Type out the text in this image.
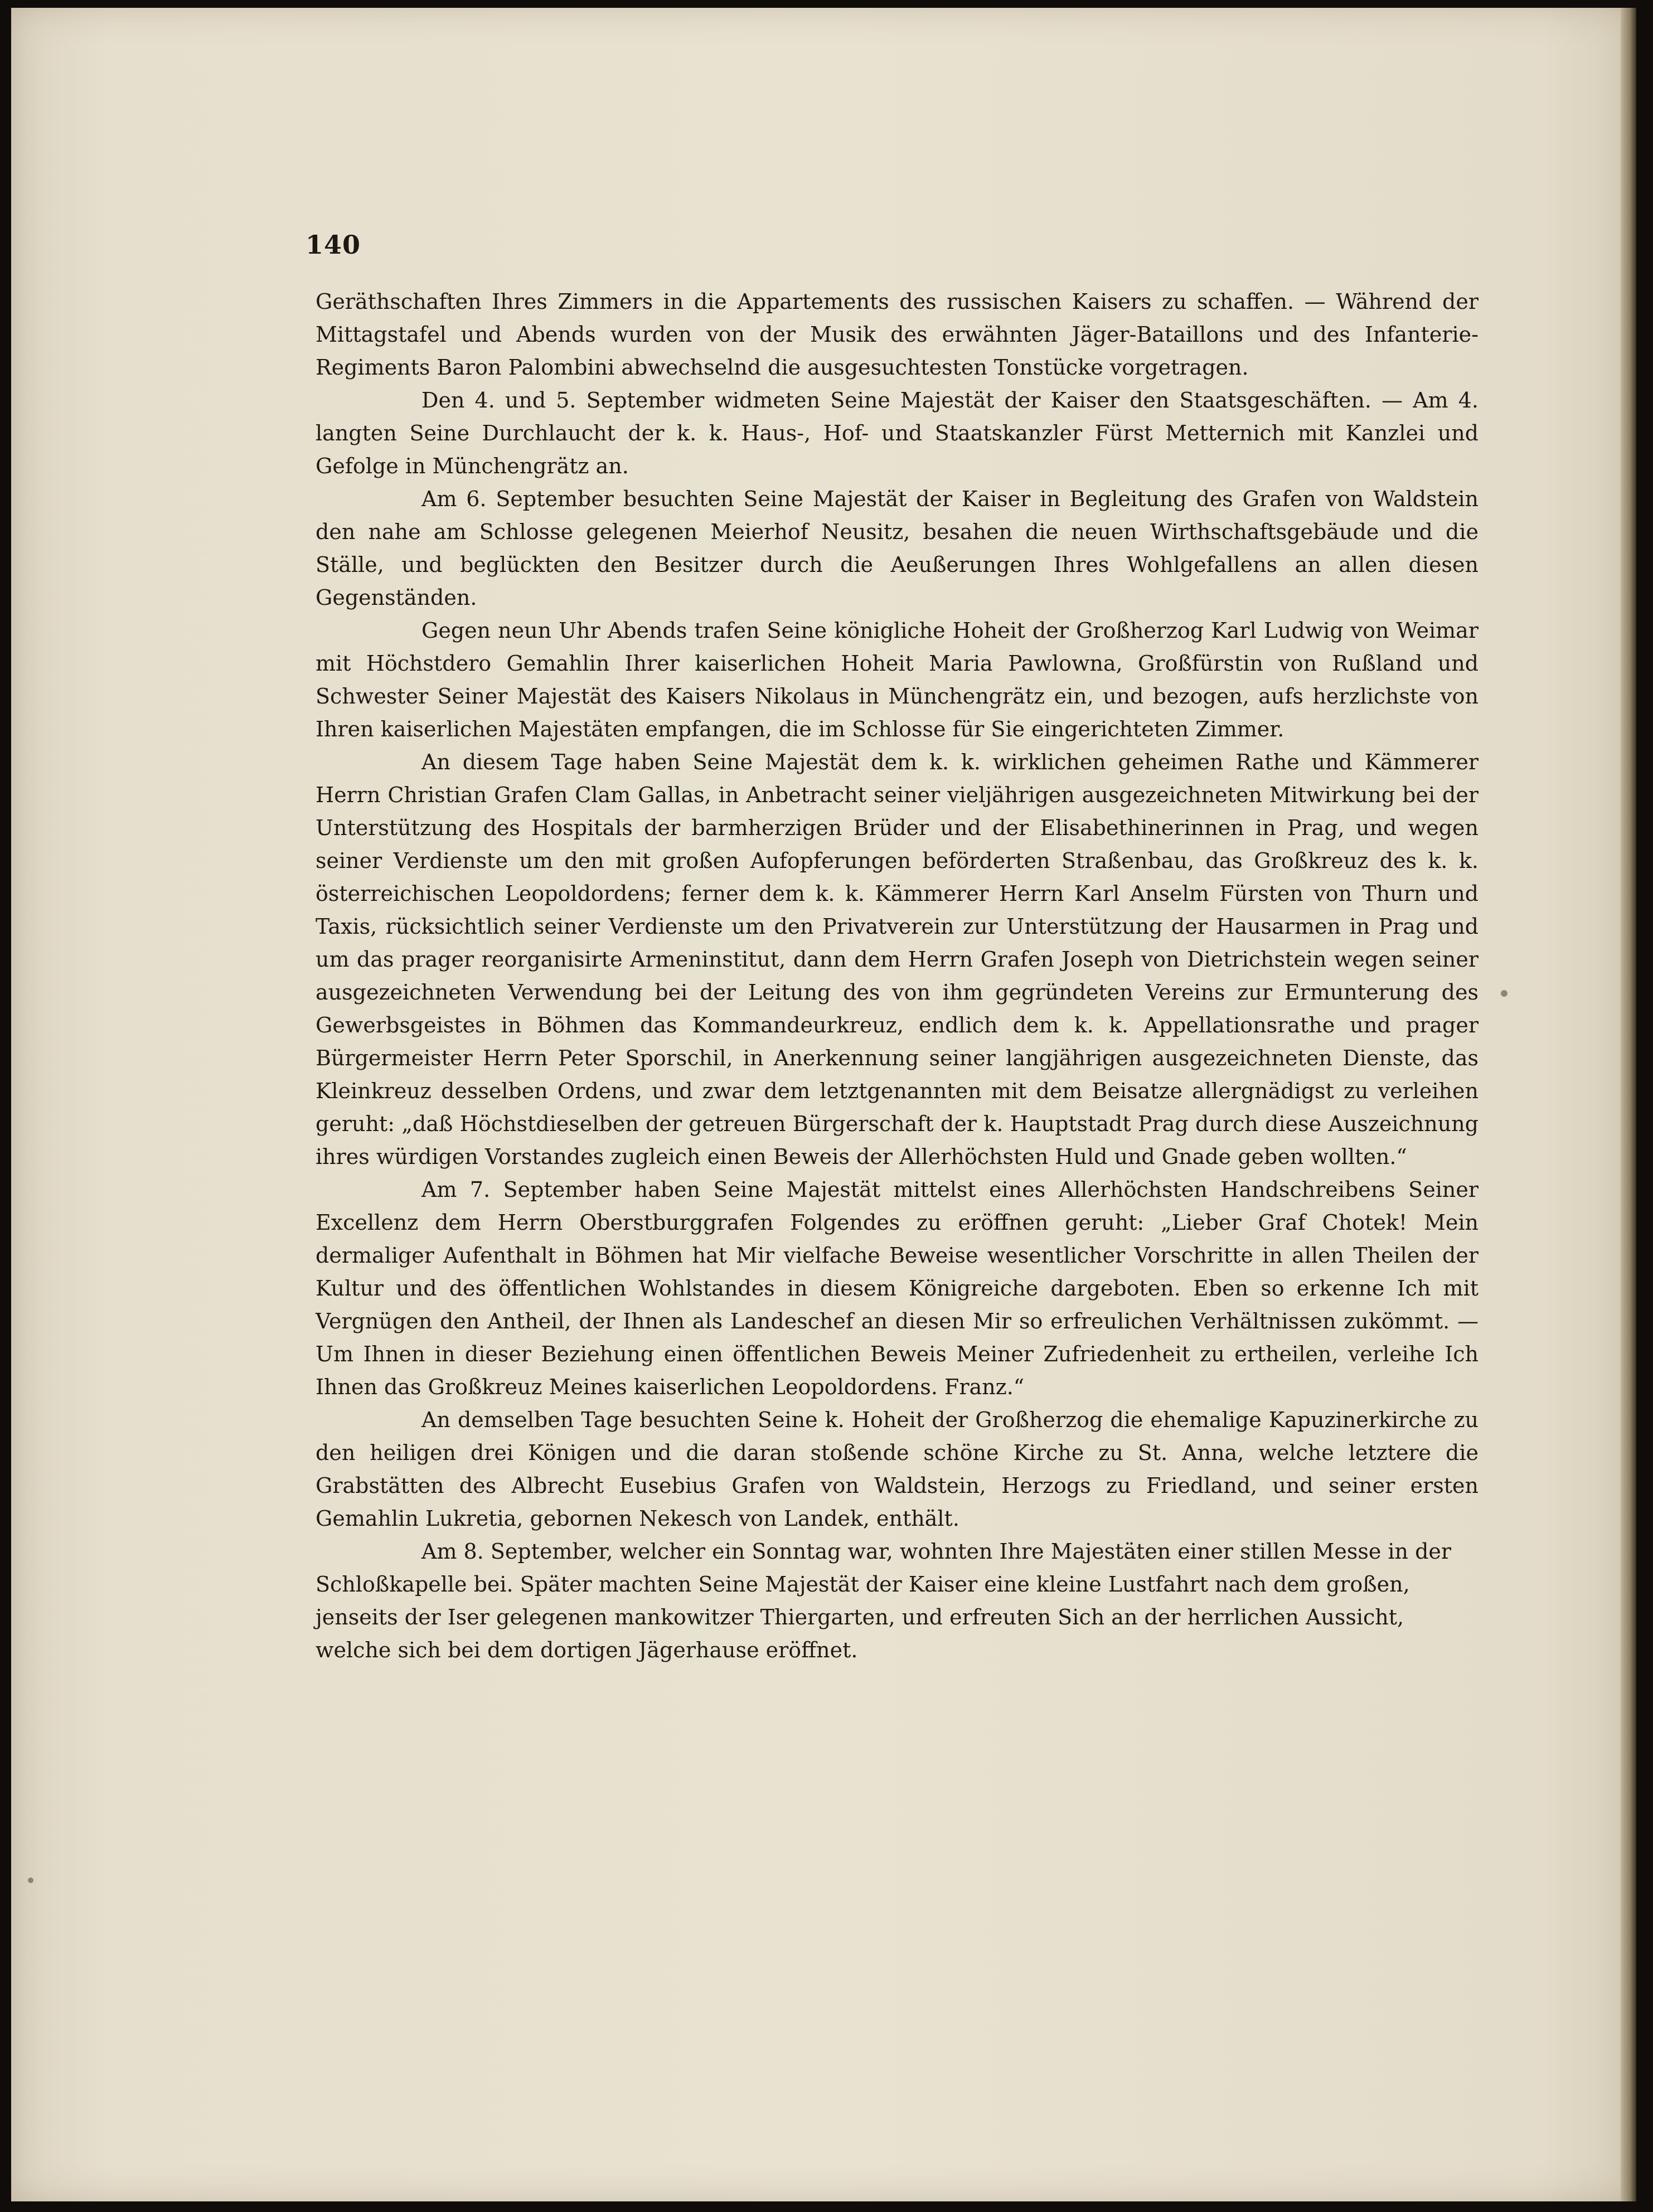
140

Geräthschaften Ihres Zimmers in die Appartements des russischen Kaisers zu schaffen. — Während der Mittagstafel und Abends wurden von der Musik des erwähnten Jäger-Bataillons und des Infanterie-Regiments Baron Palombini abwechselnd die ausgesuchtesten Tonstücke vorgetragen.

Den 4. und 5. September widmeten Seine Majestät der Kaiser den Staatsgeschäften. — Am 4. langten Seine Durchlaucht der k. k. Haus-, Hof- und Staatskanzler Fürst Metternich mit Kanzlei und Gefolge in Münchengrätz an.

Am 6. September besuchten Seine Majestät der Kaiser in Begleitung des Grafen von Waldstein den nahe am Schlosse gelegenen Meierhof Neusitz, besahen die neuen Wirthschaftsgebäude und die Ställe, und beglückten den Besitzer durch die Aeußerungen Ihres Wohlgefallens an allen diesen Gegenständen.

Gegen neun Uhr Abends trafen Seine königliche Hoheit der Großherzog Karl Ludwig von Weimar mit Höchstdero Gemahlin Ihrer kaiserlichen Hoheit Maria Pawlowna, Großfürstin von Rußland und Schwester Seiner Majestät des Kaisers Nikolaus in Münchengrätz ein, und bezogen, aufs herzlichste von Ihren kaiserlichen Majestäten empfangen, die im Schlosse für Sie eingerichteten Zimmer.

An diesem Tage haben Seine Majestät dem k. k. wirklichen geheimen Rathe und Kämmerer Herrn Christian Grafen Clam Gallas, in Anbetracht seiner vieljährigen ausgezeichneten Mitwirkung bei der Unterstützung des Hospitals der barmherzigen Brüder und der Elisabethinerinnen in Prag, und wegen seiner Verdienste um den mit großen Aufopferungen beförderten Straßenbau, das Großkreuz des k. k. österreichischen Leopoldordens; ferner dem k. k. Kämmerer Herrn Karl Anselm Fürsten von Thurn und Taxis, rücksichtlich seiner Verdienste um den Privatverein zur Unterstützung der Hausarmen in Prag und um das prager reorganisirte Armeninstitut, dann dem Herrn Grafen Joseph von Dietrichstein wegen seiner ausgezeichneten Verwendung bei der Leitung des von ihm gegründeten Vereins zur Ermunterung des Gewerbsgeistes in Böhmen das Kommandeurkreuz, endlich dem k. k. Appellationsrathe und prager Bürgermeister Herrn Peter Sporschil, in Anerkennung seiner langjährigen ausgezeichneten Dienste, das Kleinkreuz desselben Ordens, und zwar dem letztgenannten mit dem Beisatze allergnädigst zu verleihen geruht: „daß Höchstdieselben der getreuen Bürgerschaft der k. Hauptstadt Prag durch diese Auszeichnung ihres würdigen Vorstandes zugleich einen Beweis der Allerhöchsten Huld und Gnade geben wollten.“

Am 7. September haben Seine Majestät mittelst eines Allerhöchsten Handschreibens Seiner Excellenz dem Herrn Oberstburggrafen Folgendes zu eröffnen geruht: „Lieber Graf Chotek! Mein dermaliger Aufenthalt in Böhmen hat Mir vielfache Beweise wesentlicher Vorschritte in allen Theilen der Kultur und des öffentlichen Wohlstandes in diesem Königreiche dargeboten. Eben so erkenne Ich mit Vergnügen den Antheil, der Ihnen als Landeschef an diesen Mir so erfreulichen Verhältnissen zukömmt. — Um Ihnen in dieser Beziehung einen öffentlichen Beweis Meiner Zufriedenheit zu ertheilen, verleihe Ich Ihnen das Großkreuz Meines kaiserlichen Leopoldordens. Franz.“

An demselben Tage besuchten Seine k. Hoheit der Großherzog die ehemalige Kapuzinerkirche zu den heiligen drei Königen und die daran stoßende schöne Kirche zu St. Anna, welche letztere die Grabstätten des Albrecht Eusebius Grafen von Waldstein, Herzogs zu Friedland, und seiner ersten Gemahlin Lukretia, gebornen Nekesch von Landek, enthält.

Am 8. September, welcher ein Sonntag war, wohnten Ihre Majestäten einer stillen Messe in der Schloßkapelle bei. Später machten Seine Majestät der Kaiser eine kleine Lustfahrt nach dem großen, jenseits der Iser gelegenen mankowitzer Thiergarten, und erfreuten Sich an der herrlichen Aussicht, welche sich bei dem dortigen Jägerhause eröffnet.
